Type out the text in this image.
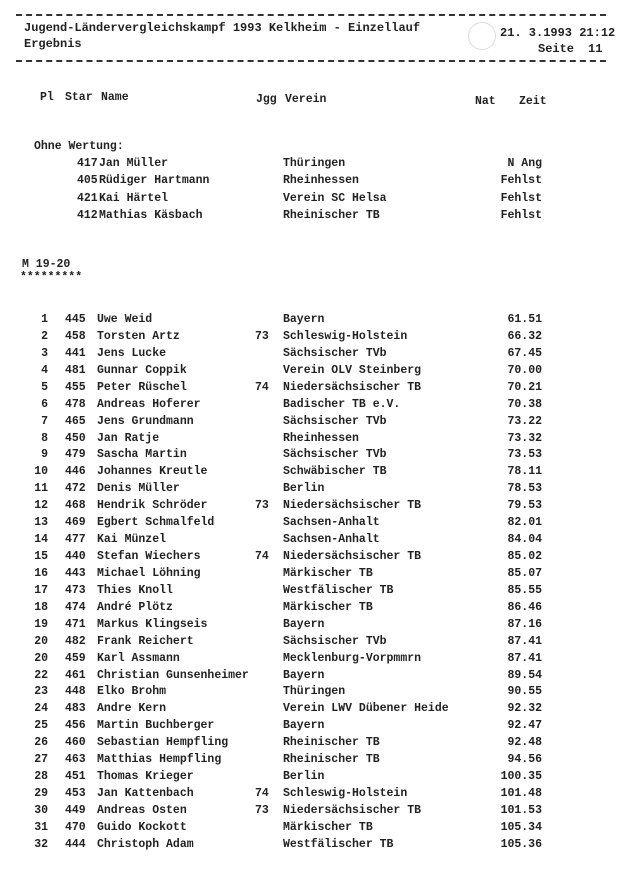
Jugend-Ländervergleichskampf 1993 Kelkheim - Einzellauf
Ergebnis
21. 3.1993 21:12
Seite 11
Pl Star Name	Jgg Verein	Nat Zeit
Ohne Wertung:
417 Jan Müller	Thüringen	N Ang
405 Rüdiger Hartmann	Rheinhessen	Fehlst
421 Kai Härtel	Verein SC Helsa	Fehlst
412 Mathias Käsbach	Rheinischer TB	Fehlst
M 19-20
*********
1 445 Uwe Weid	Bayern	61.51
2 458 Torsten Artz	73 Schleswig-Holstein	66.32
3 441 Jens Lucke	Sächsischer TVb	67.45
4 481 Gunnar Coppik	Verein OLV Steinberg	70.00
5 455 Peter Rüschel	74 Niedersächsischer TB	70.21
6 478 Andreas Hoferer	Badischer TB e.V.	70.38
7 465 Jens Grundmann	Sächsischer TVb	73.22
8 450 Jan Ratje	Rheinhessen	73.32
9 479 Sascha Martin	Sächsischer TVb	73.53
10 446 Johannes Kreutle	Schwäbischer TB	78.11
11 472 Denis Müller	Berlin	78.53
12 468 Hendrik Schröder	73 Niedersächsischer TB	79.53
13 469 Egbert Schmalfeld	Sachsen-Anhalt	82.01
14 477 Kai Münzel	Sachsen-Anhalt	84.04
15 440 Stefan Wiechers	74 Niedersächsischer TB	85.02
16 443 Michael Löhning	Märkischer TB	85.07
17 473 Thies Knoll	Westfälischer TB	85.55
18 474 André Plötz	Märkischer TB	86.46
19 471 Markus Klingseis	Bayern	87.16
20 482 Frank Reichert	Sächsischer TVb	87.41
20 459 Karl Assmann	Mecklenburg-Vorpmmrn	87.41
22 461 Christian Gunsenheimer	Bayern	89.54
23 448 Elko Brohm	Thüringen	90.55
24 483 Andre Kern	Verein LWV Dübener Heide	92.32
25 456 Martin Buchberger	Bayern	92.47
26 460 Sebastian Hempfling	Rheinischer TB	92.48
27 463 Matthias Hempfling	Rheinischer TB	94.56
28 451 Thomas Krieger	Berlin	100.35
29 453 Jan Kattenbach	74 Schleswig-Holstein	101.48
30 449 Andreas Osten	73 Niedersächsischer TB	101.53
31 470 Guido Kockott	Märkischer TB	105.34
32 444 Christoph Adam	Westfälischer TB	105.36
